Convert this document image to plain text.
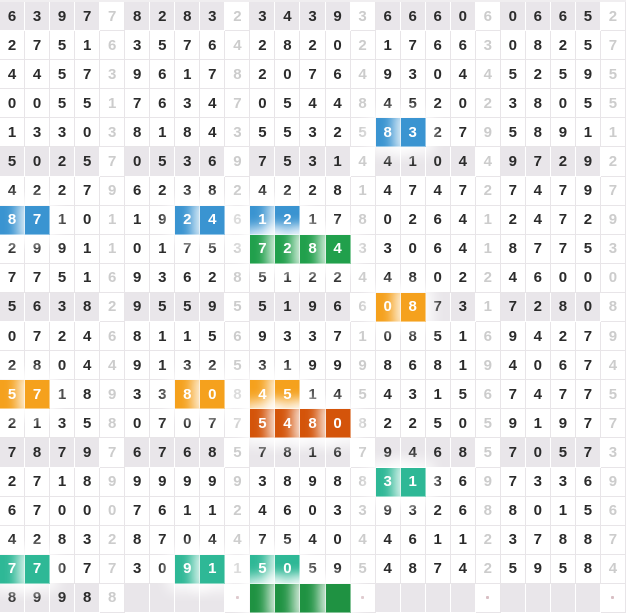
6	3	9	7	7	8	2	8	3	2	3	4	3	9	3	6	6	6	0	6	0	6	6	5	2
2	7	5	1	6	3	5	7	6	4	2	8	2	0	2	1	7	6	6	3	0	8	2	5	7
4	4	5	7	3	9	6	1	7	8	2	0	7	6	4	9	3	0	4	4	5	2	5	9	5
0	0	5	5	1	7	6	3	4	7	0	5	4	4	8	4	5	2	0	2	3	8	0	5	5
1	3	3	0	3	8	1	8	4	3	5	5	3	2	5	8	3	2	7	9	5	8	9	1	1
5	0	2	5	7	0	5	3	6	9	7	5	3	1	4	4	1	0	4	4	9	7	2	9	2
4	2	2	7	9	6	2	3	8	2	4	2	2	8	1	4	7	4	7	2	7	4	7	9	7
8	7	1	0	1	1	9	2	4	6	1	2	1	7	8	0	2	6	4	1	2	4	7	2	9
2	9	9	1	1	0	1	7	5	3	7	2	8	4	3	3	0	6	4	1	8	7	7	5	3
7	7	5	1	6	9	3	6	2	8	5	1	2	2	4	4	8	0	2	2	4	6	0	0	0
5	6	3	8	2	9	5	5	9	5	5	1	9	6	6	0	8	7	3	1	7	2	8	0	8
0	7	2	4	6	8	1	1	5	6	9	3	3	7	1	0	8	5	1	6	9	4	2	7	9
2	8	0	4	4	9	1	3	2	5	3	1	9	9	9	8	6	8	1	9	4	0	6	7	4
5	7	1	8	9	3	3	8	0	8	4	5	1	4	5	4	3	1	5	6	7	4	7	7	5
2	1	3	5	8	0	7	0	7	7	5	4	8	0	8	2	2	5	0	5	9	1	9	7	7
7	8	7	9	7	6	7	6	8	5	7	8	1	6	7	9	4	6	8	5	7	0	5	7	3
2	7	1	8	9	9	9	9	9	9	3	8	9	8	8	3	1	3	6	9	7	3	3	6	9
6	7	0	0	0	7	6	1	1	2	4	6	0	3	3	9	3	2	6	8	8	0	1	5	6
4	2	8	3	2	8	7	0	4	4	7	5	4	0	4	4	6	1	1	2	3	7	8	8	7
7	7	0	7	7	3	0	9	1	1	5	0	5	9	5	4	8	7	4	2	5	9	5	8	4
8	9	9	8	8
